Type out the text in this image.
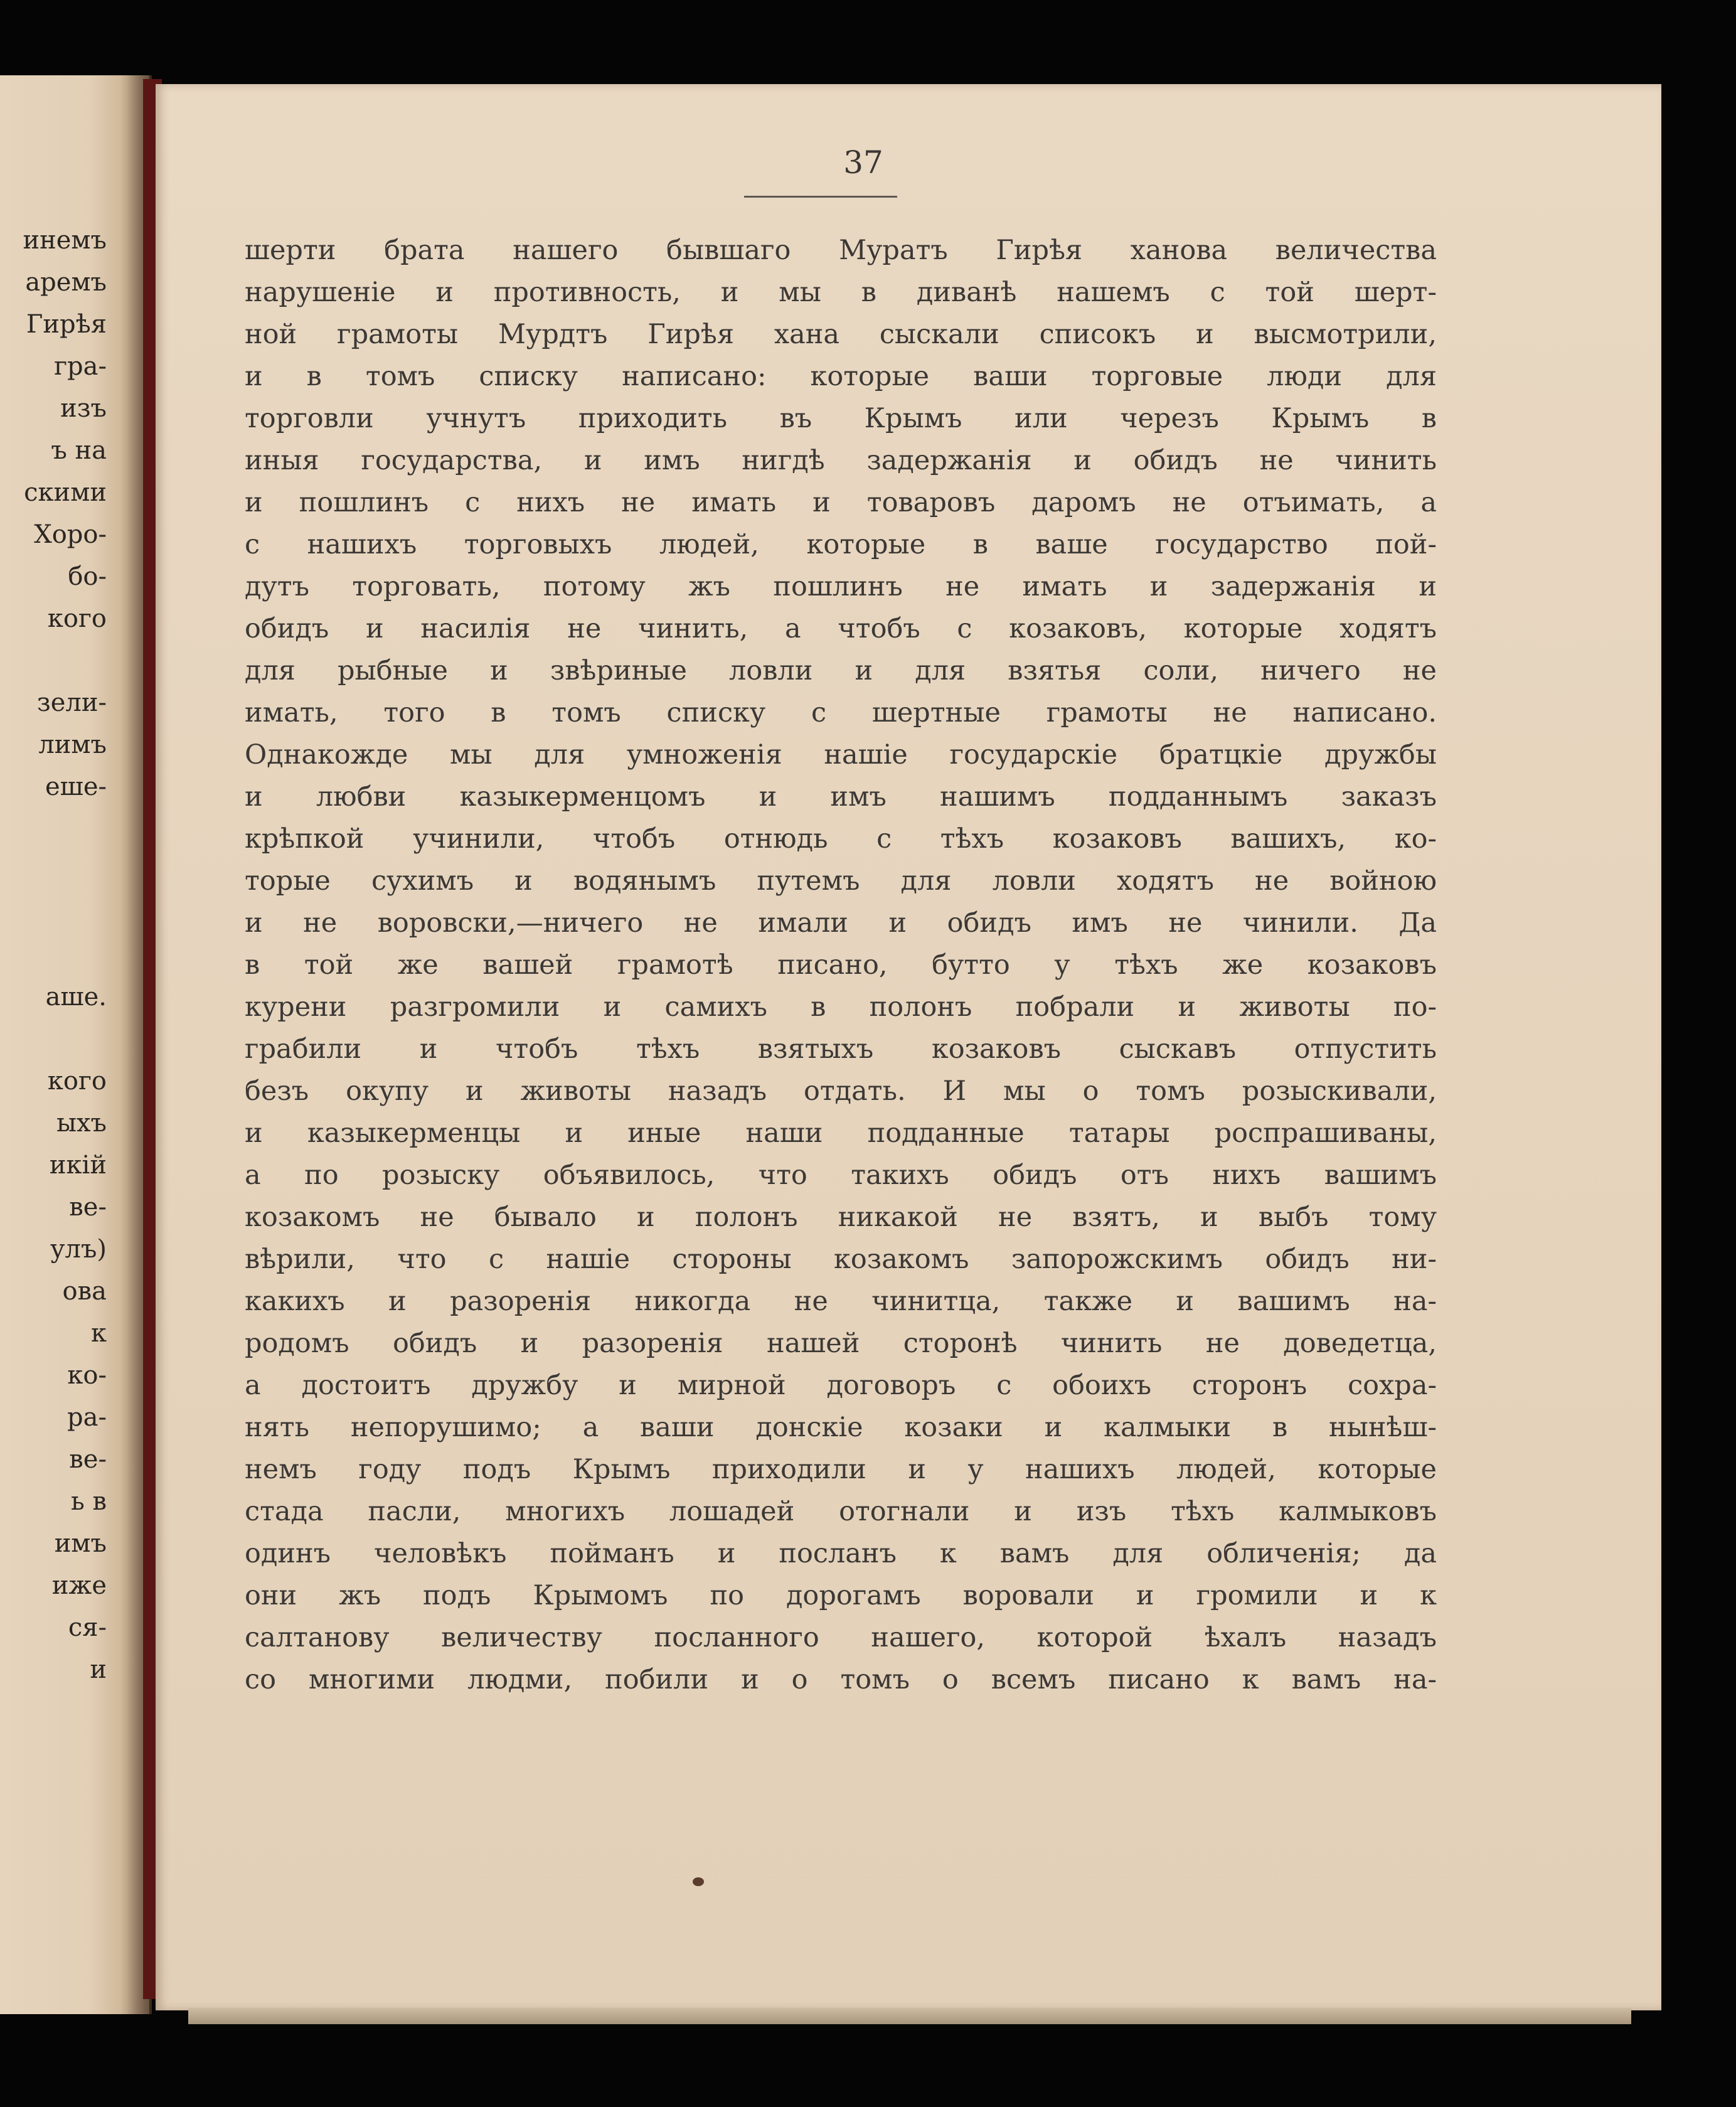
инемъ
аремъ
Гирѣя
гра-
изъ
ъ на
скими
Хоро-
бо-
кого
зели-
лимъ
еше-
аше.
кого
ыхъ
икій
ве-
улъ)
ова
к
ко-
ра-
ве-
ь в
имъ
иже
ся-
и
37
шерти брата нашего бывшаго Муратъ Гирѣя ханова величества
нарушеніе и противность, и мы в диванѣ нашемъ с той шерт-
ной грамоты Мурдтъ Гирѣя хана сыскали списокъ и высмотрили,
и в томъ списку написано: которые ваши торговые люди для
торговли учнутъ приходить въ Крымъ или черезъ Крымъ в
иныя государства, и имъ нигдѣ задержанія и обидъ не чинить
и пошлинъ с нихъ не имать и товаровъ даромъ не отъимать, а
с нашихъ торговыхъ людей, которые в ваше государство пой-
дутъ торговать, потому жъ пошлинъ не имать и задержанія и
обидъ и насилія не чинить, а чтобъ с козаковъ, которые ходятъ
для рыбные и звѣриные ловли и для взятья соли, ничего не
имать, того в томъ списку с шертные грамоты не написано.
Однакожде мы для умноженія нашіе государскіе братцкіе дружбы
и любви казыкерменцомъ и имъ нашимъ подданнымъ заказъ
крѣпкой учинили, чтобъ отнюдь с тѣхъ козаковъ вашихъ, ко-
торые сухимъ и водянымъ путемъ для ловли ходятъ не войною
и не воровски,—ничего не имали и обидъ имъ не чинили. Да
в той же вашей грамотѣ писано, бутто у тѣхъ же козаковъ
курени разгромили и самихъ в полонъ побрали и животы по-
грабили и чтобъ тѣхъ взятыхъ козаковъ сыскавъ отпустить
безъ окупу и животы назадъ отдать. И мы о томъ розыскивали,
и казыкерменцы и иные наши подданные татары роспрашиваны,
а по розыску объявилось, что такихъ обидъ отъ нихъ вашимъ
козакомъ не бывало и полонъ никакой не взятъ, и выбъ тому
вѣрили, что с нашіе стороны козакомъ запорожскимъ обидъ ни-
какихъ и разоренія никогда не чинитца, также и вашимъ на-
родомъ обидъ и разоренія нашей сторонѣ чинить не доведетца,
а достоитъ дружбу и мирной договоръ с обоихъ сторонъ сохра-
нять непорушимо; а ваши донскіе козаки и калмыки в нынѣш-
немъ году подъ Крымъ приходили и у нашихъ людей, которые
стада пасли, многихъ лошадей отогнали и изъ тѣхъ калмыковъ
одинъ человѣкъ пойманъ и посланъ к вамъ для обличенія; да
они жъ подъ Крымомъ по дорогамъ воровали и громили и к
салтанову величеству посланного нашего, которой ѣхалъ назадъ
со многими людми, побили и о томъ о всемъ писано к вамъ на-
